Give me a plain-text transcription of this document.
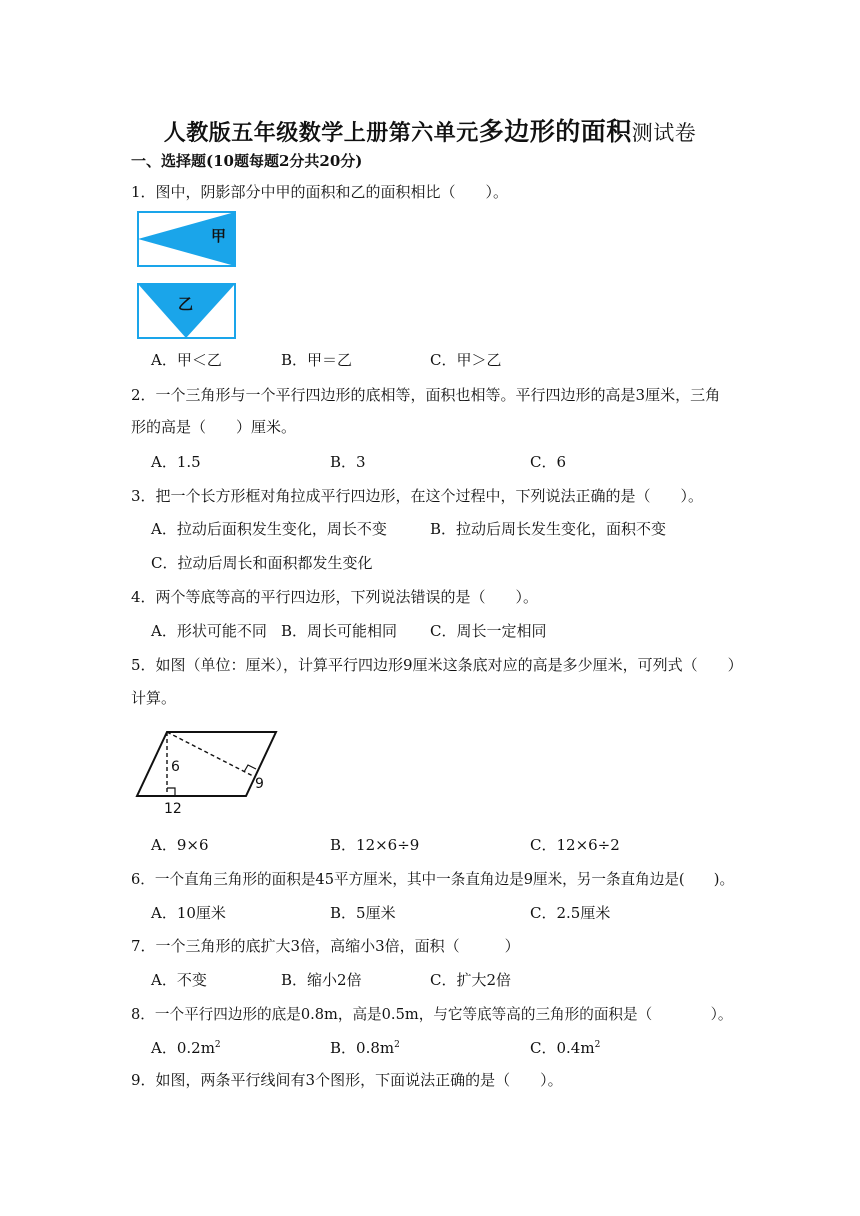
人教版五年级数学上册第六单元多边形的面积测试卷
一、选择题(10题每题2分共20分)
1．图中，阴影部分中甲的面积和乙的面积相比（　　）。
甲
乙
A．甲＜乙	B．甲＝乙	C．甲＞乙
2．一个三角形与一个平行四边形的底相等，面积也相等。平行四边形的高是3厘米，三角
形的高是（　　）厘米。
A．1.5	B．3	C．6
3．把一个长方形框对角拉成平行四边形，在这个过程中，下列说法正确的是（　　）。
A．拉动后面积发生变化，周长不变	B．拉动后周长发生变化，面积不变
C．拉动后周长和面积都发生变化
4．两个等底等高的平行四边形，下列说法错误的是（　　）。
A．形状可能不同 B．周长可能相同 C．周长一定相同
5．如图（单位：厘米），计算平行四边形9厘米这条底对应的高是多少厘米，可列式（　　）
计算。
6
9
12
A．9×6	B．12×6÷9	C．12×6÷2
6．一个直角三角形的面积是45平方厘米，其中一条直角边是9厘米，另一条直角边是(　　)。
A．10厘米	B．5厘米	C．2.5厘米
7．一个三角形的底扩大3倍，高缩小3倍，面积（　　　）
A．不变	B．缩小2倍	C．扩大2倍
8．一个平行四边形的底是0.8m，高是0.5m，与它等底等高的三角形的面积是（　　　　）。
A．$0.2m^2$	B．$0.8m^2$	C．$0.4m^2$
9．如图，两条平行线间有3个图形，下面说法正确的是（　　）。
